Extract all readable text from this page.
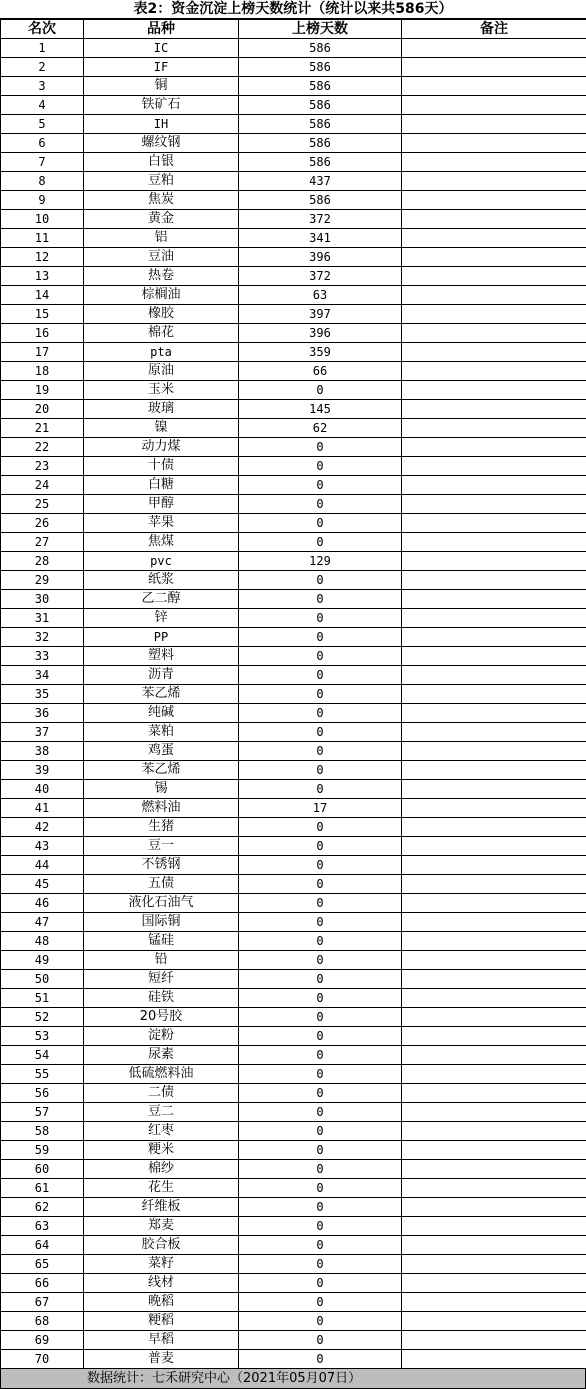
表2：资金沉淀上榜天数统计（统计以来共586天）
名次	品种	上榜天数	备注
1	IC	586	
2	IF	586	
3	铜	586	
4	铁矿石	586	
5	IH	586	
6	螺纹钢	586	
7	白银	586	
8	豆粕	437	
9	焦炭	586	
10	黄金	372	
11	铝	341	
12	豆油	396	
13	热卷	372	
14	棕榈油	63	
15	橡胶	397	
16	棉花	396	
17	pta	359	
18	原油	66	
19	玉米	0	
20	玻璃	145	
21	镍	62	
22	动力煤	0	
23	十债	0	
24	白糖	0	
25	甲醇	0	
26	苹果	0	
27	焦煤	0	
28	pvc	129	
29	纸浆	0	
30	乙二醇	0	
31	锌	0	
32	PP	0	
33	塑料	0	
34	沥青	0	
35	苯乙烯	0	
36	纯碱	0	
37	菜粕	0	
38	鸡蛋	0	
39	苯乙烯	0	
40	锡	0	
41	燃料油	17	
42	生猪	0	
43	豆一	0	
44	不锈钢	0	
45	五债	0	
46	液化石油气	0	
47	国际铜	0	
48	锰硅	0	
49	铅	0	
50	短纤	0	
51	硅铁	0	
52	20号胶	0	
53	淀粉	0	
54	尿素	0	
55	低硫燃料油	0	
56	二债	0	
57	豆二	0	
58	红枣	0	
59	粳米	0	
60	棉纱	0	
61	花生	0	
62	纤维板	0	
63	郑麦	0	
64	胶合板	0	
65	菜籽	0	
66	线材	0	
67	晚稻	0	
68	粳稻	0	
69	早稻	0	
70	普麦	0	
数据统计：七禾研究中心（2021年05月07日）
